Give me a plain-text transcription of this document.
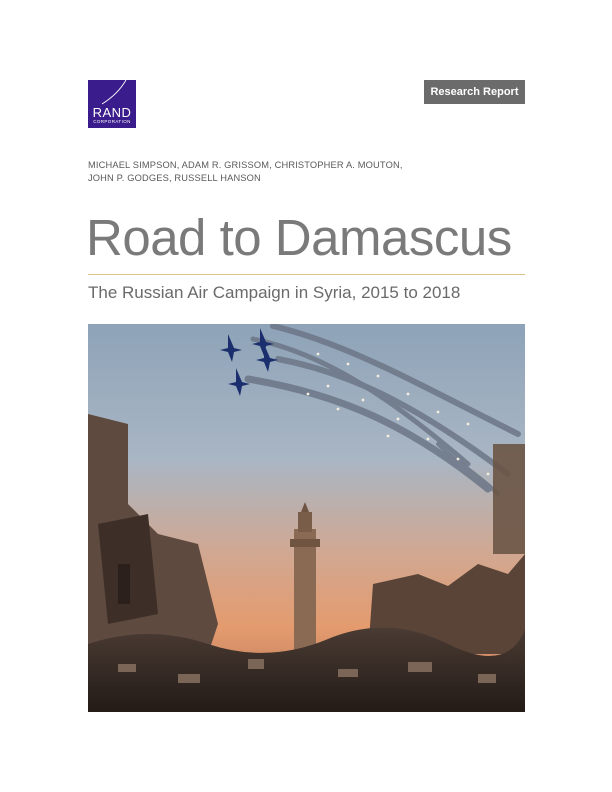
RAND
CORPORATION
Research Report
MICHAEL SIMPSON, ADAM R. GRISSOM, CHRISTOPHER A. MOUTON,
JOHN P. GODGES, RUSSELL HANSON
Road to Damascus
The Russian Air Campaign in Syria, 2015 to 2018
